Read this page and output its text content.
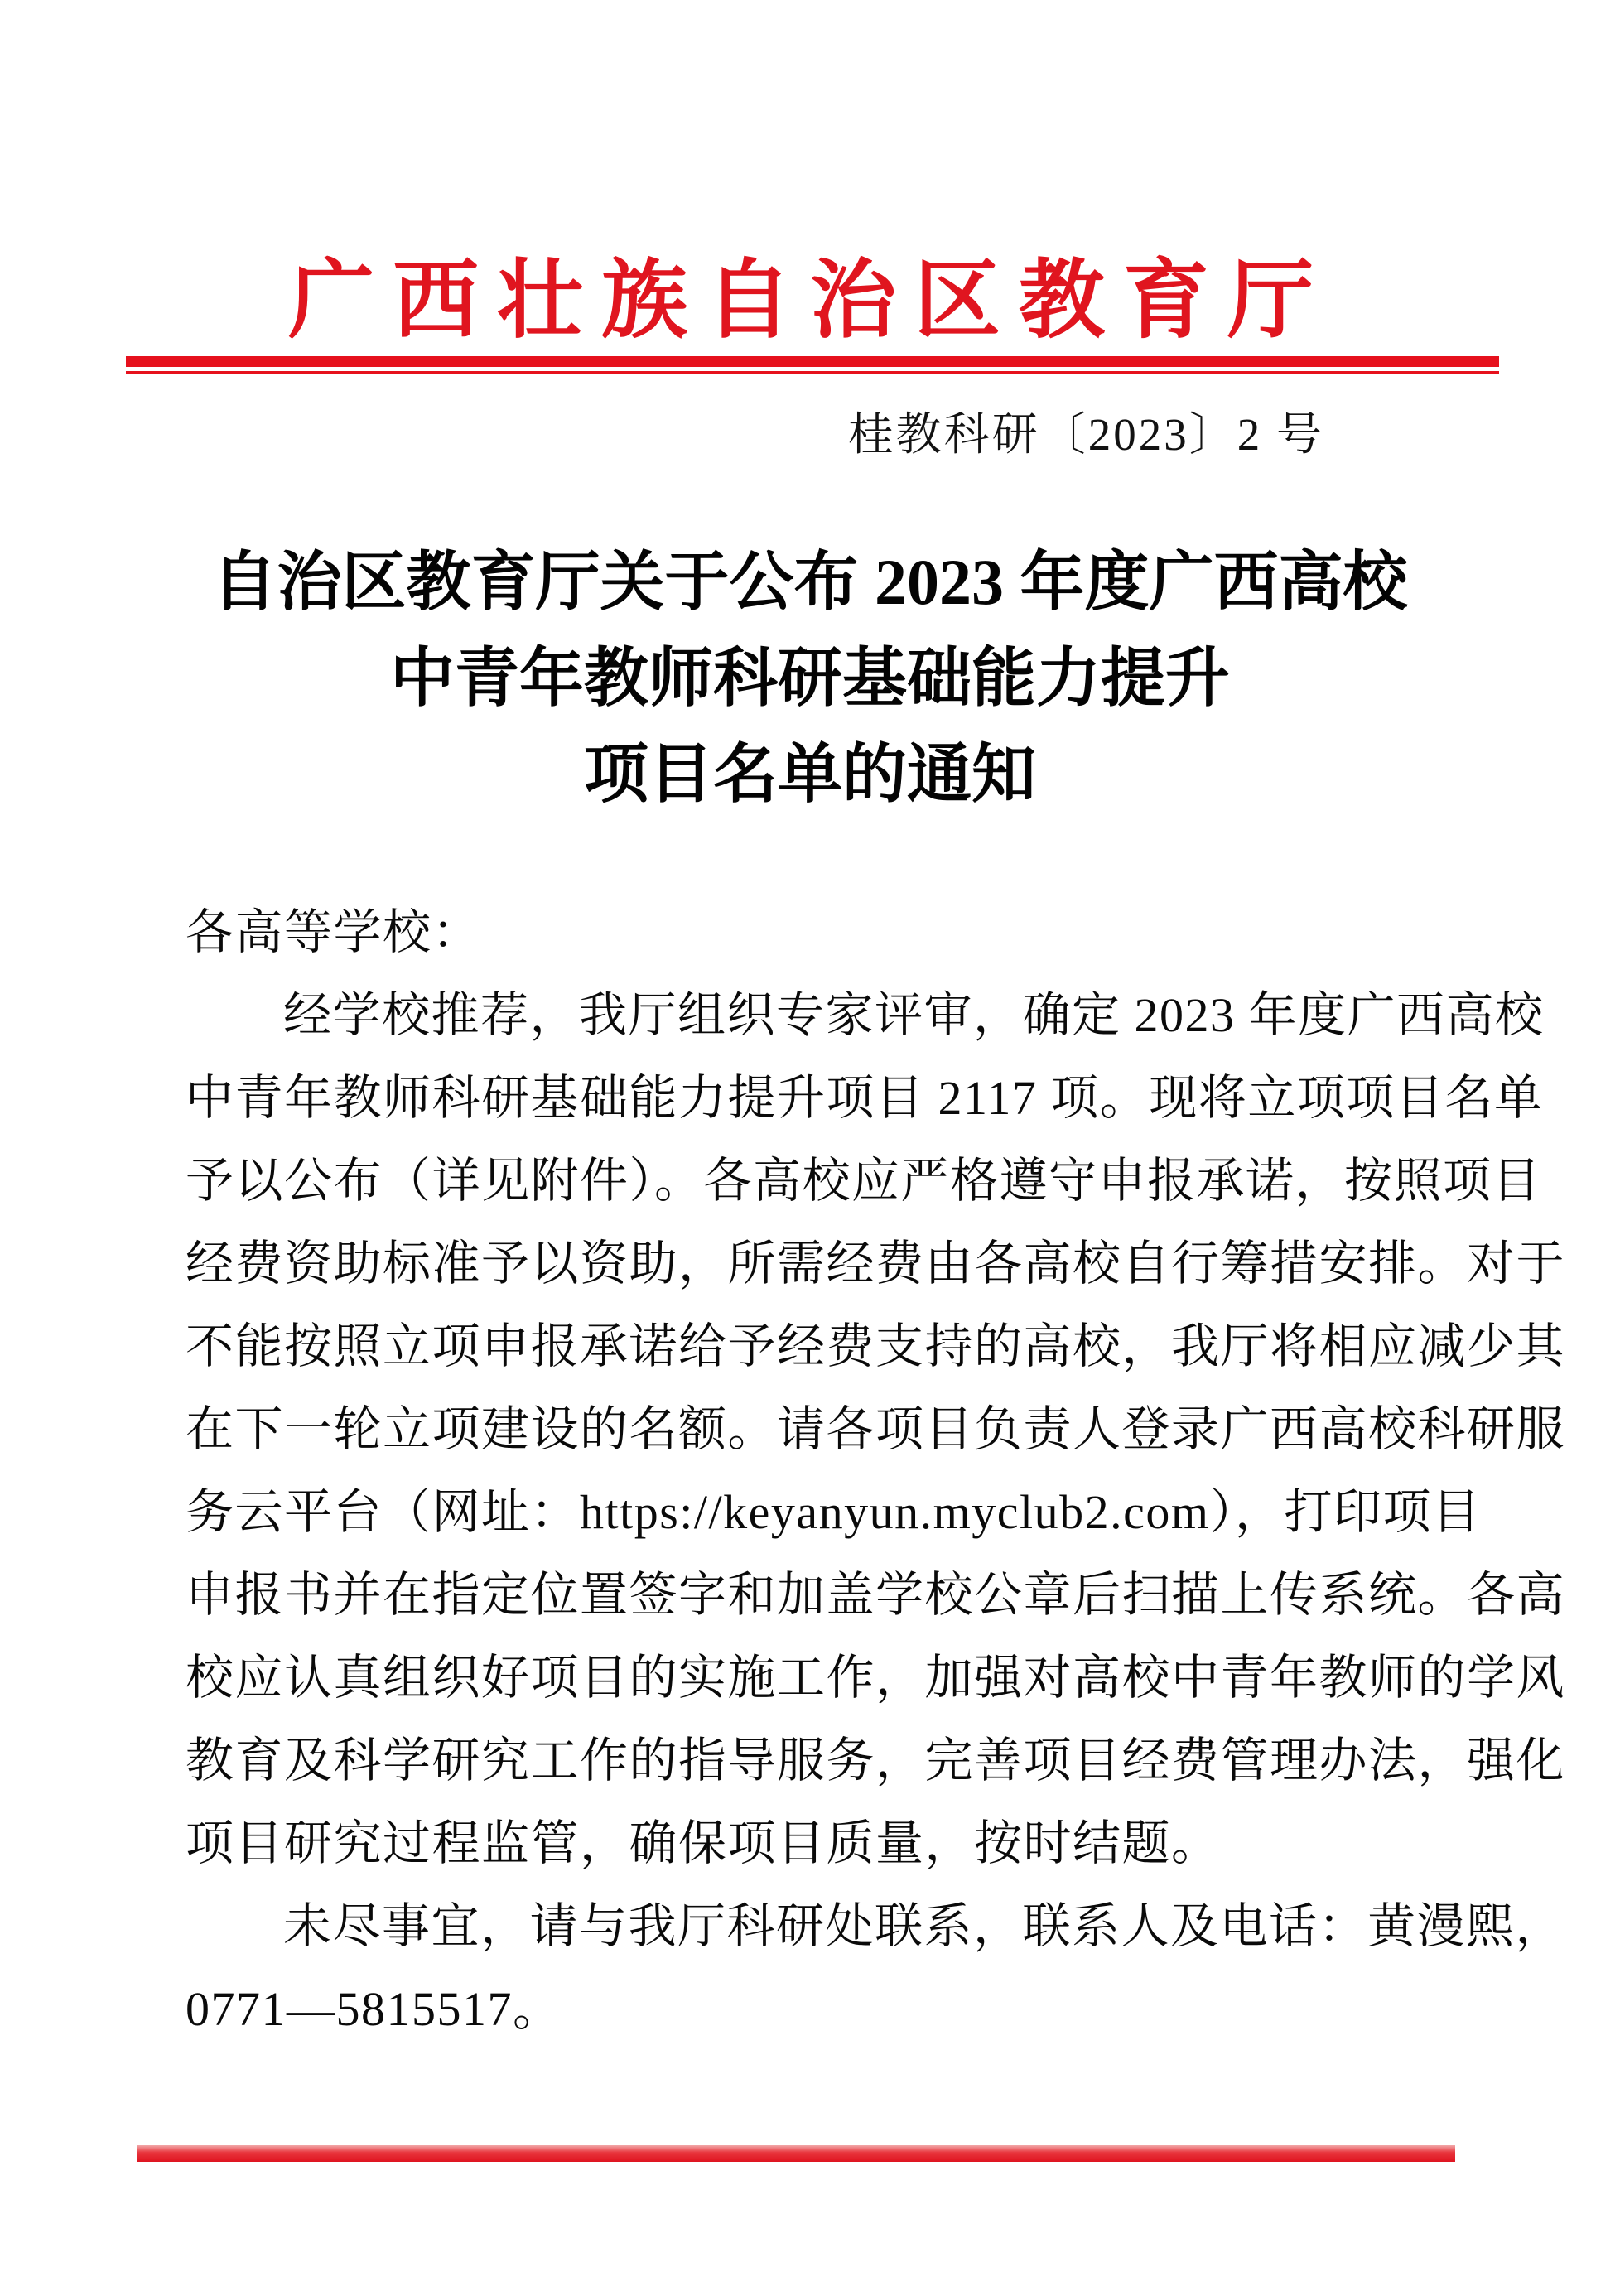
广西壮族自治区教育厅
桂教科研〔2023〕2 号
自治区教育厅关于公布 2023 年度广西高校
中青年教师科研基础能力提升
项目名单的通知
各高等学校：
经学校推荐，我厅组织专家评审，确定 2023 年度广西高校
中青年教师科研基础能力提升项目 2117 项。现将立项项目名单
予以公布（详见附件）。各高校应严格遵守申报承诺，按照项目
经费资助标准予以资助，所需经费由各高校自行筹措安排。对于
不能按照立项申报承诺给予经费支持的高校，我厅将相应减少其
在下一轮立项建设的名额。请各项目负责人登录广西高校科研服
务云平台（网址：https://keyanyun.myclub2.com），打印项目
申报书并在指定位置签字和加盖学校公章后扫描上传系统。各高
校应认真组织好项目的实施工作，加强对高校中青年教师的学风
教育及科学研究工作的指导服务，完善项目经费管理办法，强化
项目研究过程监管，确保项目质量，按时结题。
未尽事宜，请与我厅科研处联系，联系人及电话：黄漫熙，
0771—5815517。
